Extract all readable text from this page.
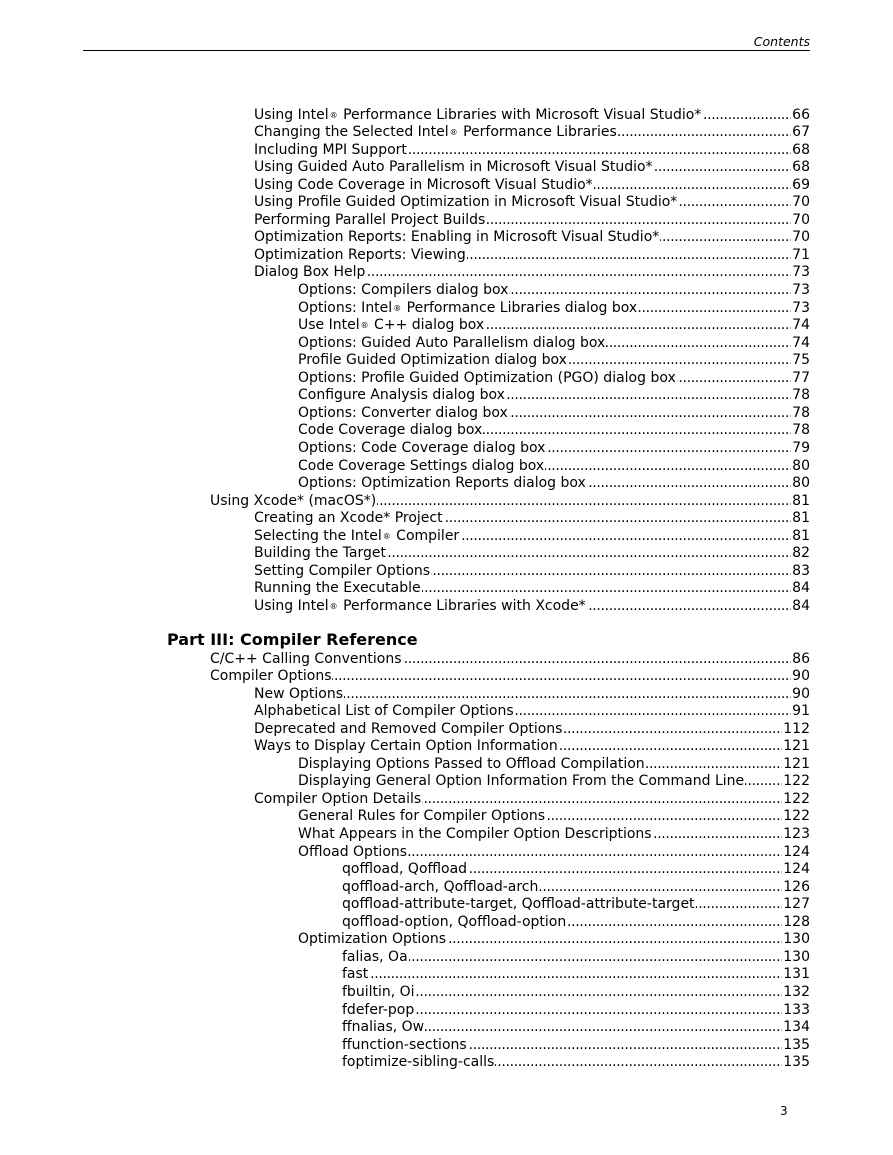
Contents
Using Intel® Performance Libraries with Microsoft Visual Studio* . . .	66
Changing the Selected Intel® Performance Libraries . . .	67
Including MPI Support . . .	68
Using Guided Auto Parallelism in Microsoft Visual Studio* . . .	68
Using Code Coverage in Microsoft Visual Studio* . . .	69
Using Profile Guided Optimization in Microsoft Visual Studio* . . .	70
Performing Parallel Project Builds . . .	70
Optimization Reports: Enabling in Microsoft Visual Studio* . . .	70
Optimization Reports: Viewing . . .	71
Dialog Box Help . . .	73
Options: Compilers dialog box . . .	73
Options: Intel® Performance Libraries dialog box . . .	73
Use Intel® C++ dialog box . . .	74
Options: Guided Auto Parallelism dialog box . . .	74
Profile Guided Optimization dialog box . . .	75
Options: Profile Guided Optimization (PGO) dialog box . . .	77
Configure Analysis dialog box . . .	78
Options: Converter dialog box . . .	78
Code Coverage dialog box . . .	78
Options: Code Coverage dialog box . . .	79
Code Coverage Settings dialog box . . .	80
Options: Optimization Reports dialog box . . .	80
Using Xcode* (macOS*) . . .	81
Creating an Xcode* Project . . .	81
Selecting the Intel® Compiler . . .	81
Building the Target . . .	82
Setting Compiler Options . . .	83
Running the Executable . . .	84
Using Intel® Performance Libraries with Xcode* . . .	84
C/C++ Calling Conventions . . .	86
Compiler Options . . .	90
New Options . . .	90
Alphabetical List of Compiler Options . . .	91
Deprecated and Removed Compiler Options . . .	112
Ways to Display Certain Option Information . . .	121
Displaying Options Passed to Offload Compilation . . .	121
Displaying General Option Information From the Command Line . . .	122
Compiler Option Details . . .	122
General Rules for Compiler Options . . .	122
What Appears in the Compiler Option Descriptions . . .	123
Offload Options . . .	124
qoffload, Qoffload . . .	124
qoffload-arch, Qoffload-arch . . .	126
qoffload-attribute-target, Qoffload-attribute-target . . .	127
qoffload-option, Qoffload-option . . .	128
Optimization Options . . .	130
falias, Oa . . .	130
fast . . .	131
fbuiltin, Oi . . .	132
fdefer-pop . . .	133
ffnalias, Ow . . .	134
ffunction-sections . . .	135
foptimize-sibling-calls . . .	135
Part III: Compiler Reference
3
